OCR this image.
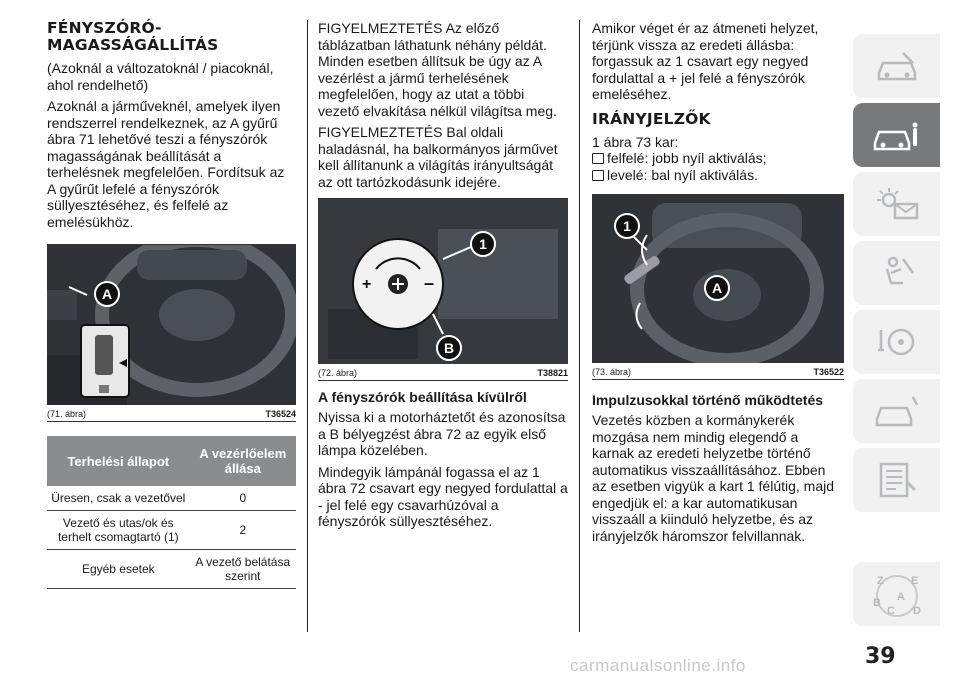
FÉNYSZÓRÓ-
MAGASSÁGÁLLÍTÁS

(Azoknál a változatoknál / piacoknál, ahol rendelhető)

Azoknál a járműveknél, amelyek ilyen rendszerrel rendelkeznek, az A gyűrű ábra 71 lehetővé teszi a fényszórók magasságának beállítását a terhelésnek megfelelően. Fordítsuk az A gyűrűt lefelé a fényszórók süllyesztéséhez, és felfelé az emelésükhöz.

A
(71. ábra)	T36524
Terhelési állapot	A vezérlőelem állása
Üresen, csak a vezetővel	0
Vezető és utas/ok és terhelt csomagtartó (1)	2
Egyéb esetek	A vezető belátása szerint

FIGYELMEZTETÉS Az előző táblázatban láthatunk néhány példát. Minden esetben állítsuk be úgy az A vezérlést a jármű terhelésének megfelelően, hogy az utat a többi vezető elvakítása nélkül világítsa meg.

FIGYELMEZTETÉS Bal oldali haladásnál, ha balkormányos járművet kell állítanunk a világítás irányultságát az ott tartózkodásunk idejére.

+	–
1
B
(72. ábra)	T38821
A fényszórók beállítása kívülről

Nyissa ki a motorháztetőt és azonosítsa a B bélyegzést ábra 72 az egyik első lámpa közelében.

Mindegyik lámpánál fogassa el az 1 ábra 72 csavart egy negyed fordulattal a - jel felé egy csavarhúzóval a fényszórók süllyesztéséhez.

Amikor véget ér az átmeneti helyzet, térjünk vissza az eredeti állásba: forgassuk az 1 csavart egy negyed fordulattal a + jel felé a fényszórók emeléséhez.

IRÁNYJELZŐK

1 ábra 73 kar:

felfelé: jobb nyíl aktiválás;
levelé: bal nyíl aktiválás.
1
A
(73. ábra)	T36522
Impulzusokkal történő működtetés

Vezetés közben a kormánykerék mozgása nem mindig elegendő a karnak az eredeti helyzetbe történő automatikus visszaállításához. Ebben az esetben vigyük a kart 1 félútig, majd engedjük el: a kar automatikusan visszaáll a kiinduló helyzetbe, és az irányjelzők háromszor felvillannak.

Z E
B
C
A
D
39
carmanualsonline.info
